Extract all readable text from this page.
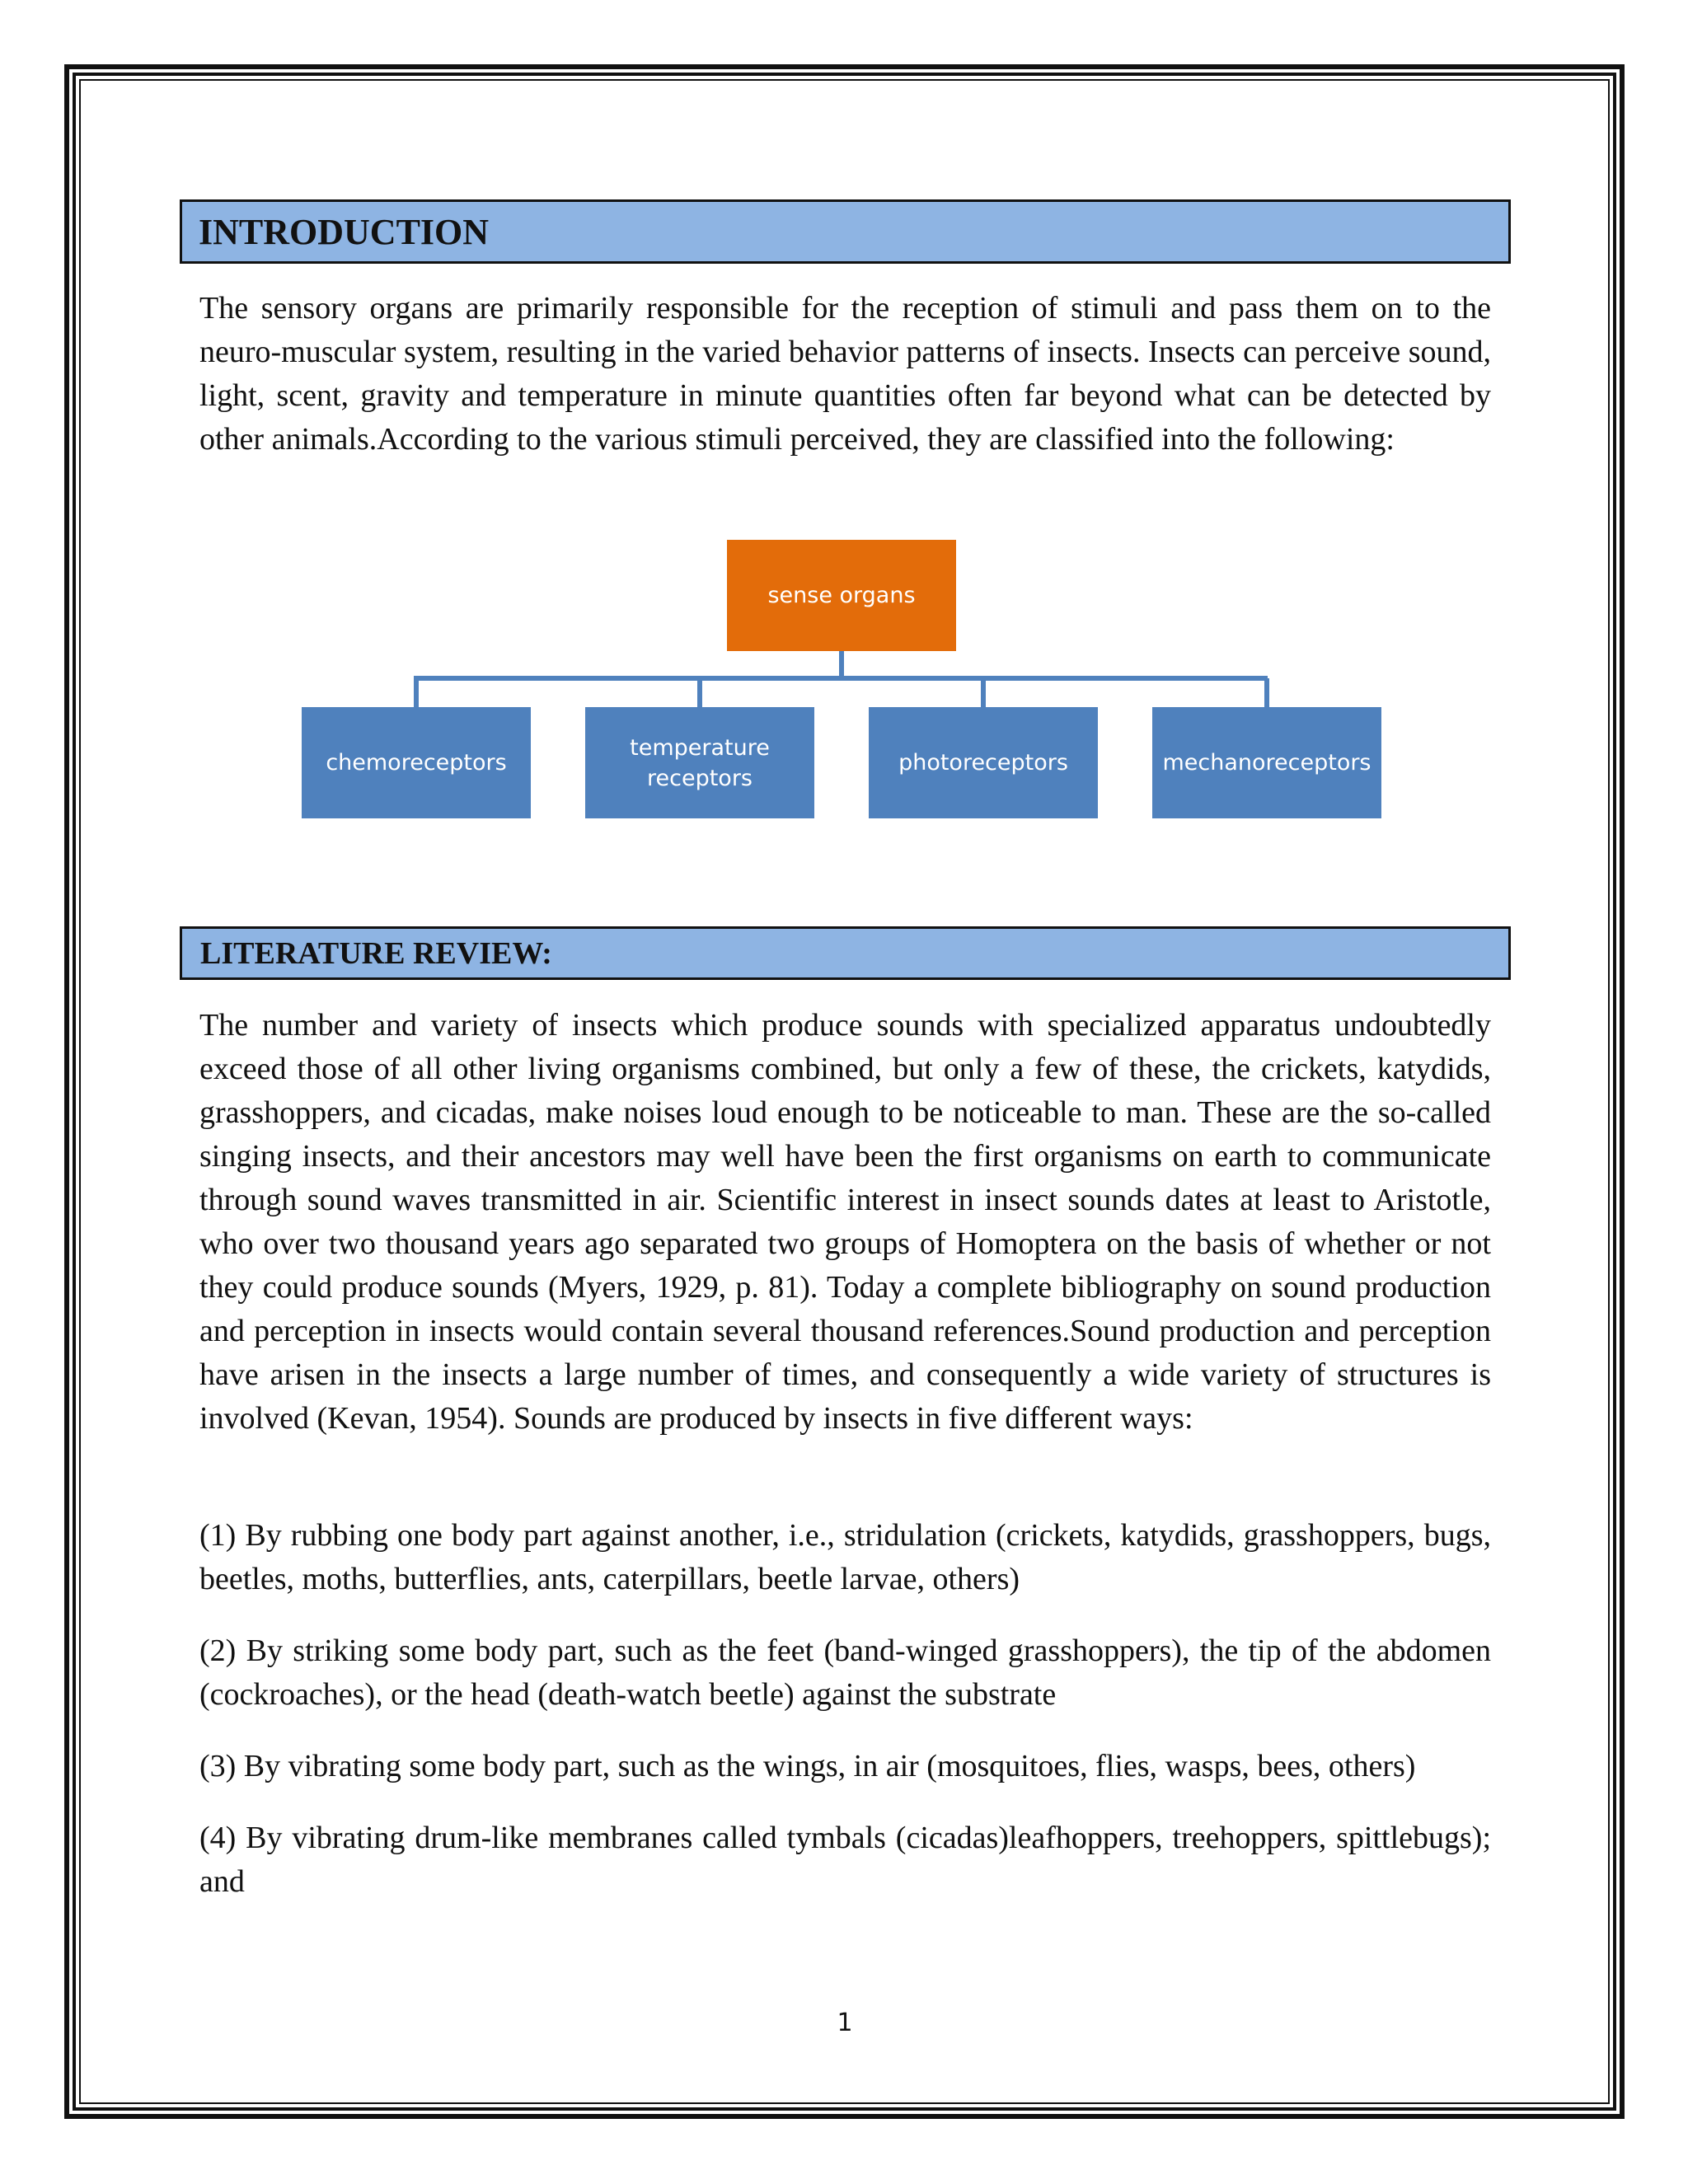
INTRODUCTION

The sensory organs are primarily responsible for the reception of stimuli and pass them on to the neuro-muscular system, resulting in the varied behavior patterns of insects. Insects can perceive sound, light, scent, gravity and temperature in minute quantities often far beyond what can be detected by other animals.According to the various stimuli perceived, they are classified into the following:

sense organs
chemoreceptors
temperature receptors
photoreceptors	mechanoreceptors
LITERATURE REVIEW:

The number and variety of insects which produce sounds with specialized apparatus undoubtedly exceed those of all other living organisms combined, but only a few of these, the crickets, katydids, grasshoppers, and cicadas, make noises loud enough to be noticeable to man. These are the so-called singing insects, and their ancestors may well have been the first organisms on earth to communicate through sound waves transmitted in air. Scientific interest in insect sounds dates at least to Aristotle, who over two thousand years ago separated two groups of Homoptera on the basis of whether or not they could produce sounds (Myers, 1929, p. 81). Today a complete bibliography on sound production and perception in insects would contain several thousand references.Sound production and perception have arisen in the insects a large number of times, and consequently a wide variety of structures is involved (Kevan, 1954). Sounds are produced by insects in five different ways:

(1) By rubbing one body part against another, i.e., stridulation (crickets, katydids, grasshoppers, bugs, beetles, moths, butterflies, ants, caterpillars, beetle larvae, others)

(2) By striking some body part, such as the feet (band-winged grasshoppers), the tip of the abdomen (cockroaches), or the head (death-watch beetle) against the substrate

(3) By vibrating some body part, such as the wings, in air (mosquitoes, flies, wasps, bees, others)

(4) By vibrating drum-like membranes called tymbals (cicadas)leafhoppers, treehoppers, spittlebugs); and

1
